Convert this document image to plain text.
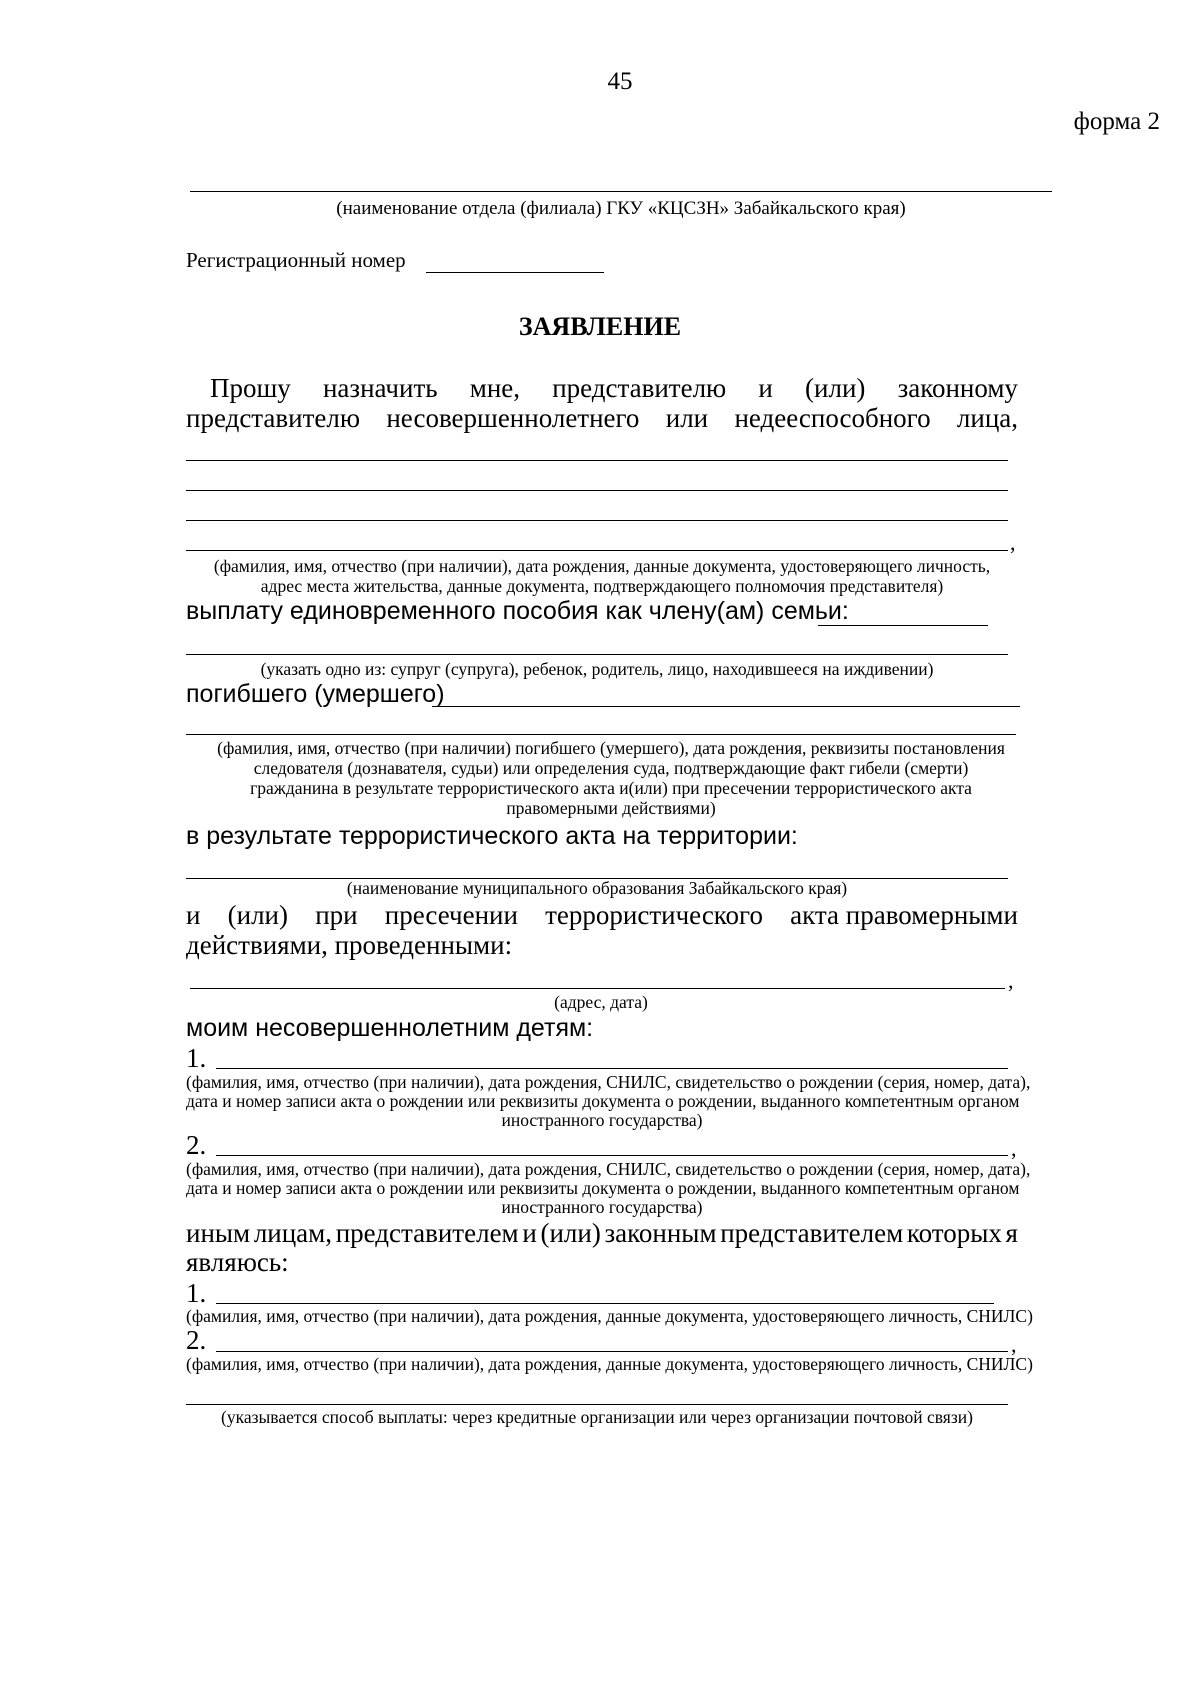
45
форма 2
(наименование отдела (филиала) ГКУ «КЦСЗН» Забайкальского края)
Регистрационный номер
ЗАЯВЛЕНИЕ
Прошу назначить мне, представителю и (или) законному
представителю несовершеннолетнего или недееспособного лица,
,
(фамилия, имя, отчество (при наличии), дата рождения, данные документа, удостоверяющего личность,
адрес места жительства, данные документа, подтверждающего полномочия представителя)
выплату единовременного пособия как члену(ам) семьи:
(указать одно из: супруг (супруга), ребенок, родитель, лицо, находившееся на иждивении)
погибшего (умершего)
(фамилия, имя, отчество (при наличии) погибшего (умершего), дата рождения, реквизиты постановления
следователя (дознавателя, судьи) или определения суда, подтверждающие факт гибели (смерти)
гражданина в результате террористического акта и(или) при пресечении террористического акта
правомерными действиями)
в результате террористического акта на территории:
(наименование муниципального образования Забайкальского края)
и (или) при пресечении террористического акта правомерными
действиями, проведенными:
,
(адрес, дата)
моим несовершеннолетним детям:
1.
(фамилия, имя, отчество (при наличии), дата рождения, СНИЛС, свидетельство о рождении (серия, номер, дата),
дата и номер записи акта о рождении или реквизиты документа о рождении, выданного компетентным органом
иностранного государства)
2.	,
(фамилия, имя, отчество (при наличии), дата рождения, СНИЛС, свидетельство о рождении (серия, номер, дата),
дата и номер записи акта о рождении или реквизиты документа о рождении, выданного компетентным органом
иностранного государства)
иным лицам, представителем и (или) законным представителем которых я
являюсь:
1.
(фамилия, имя, отчество (при наличии), дата рождения, данные документа, удостоверяющего личность, СНИЛС)
2.	,
(фамилия, имя, отчество (при наличии), дата рождения, данные документа, удостоверяющего личность, СНИЛС)
(указывается способ выплаты: через кредитные организации или через организации почтовой связи)
